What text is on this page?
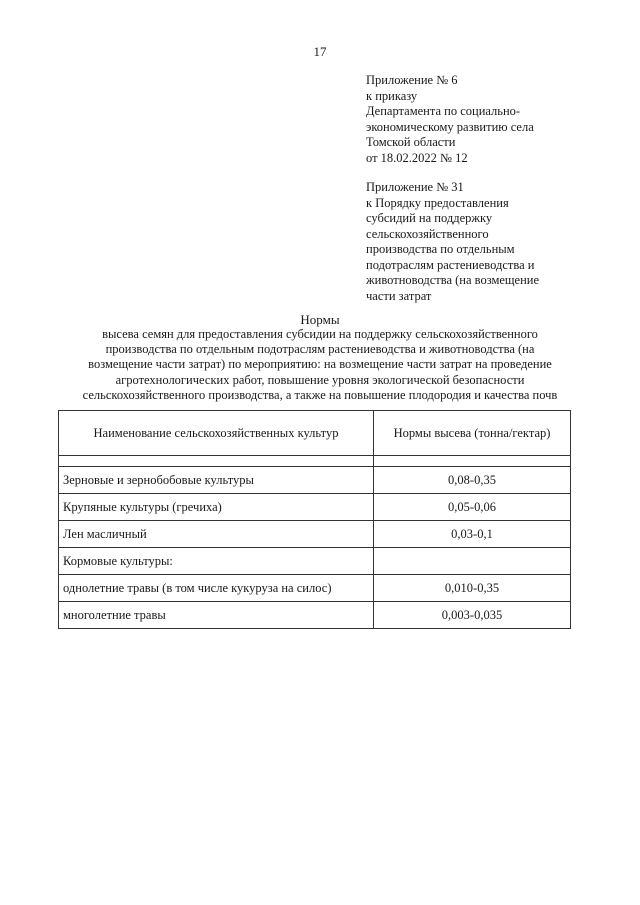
17
Приложение № 6
к приказу
Департамента по социально-
экономическому развитию села
Томской области
от 18.02.2022 № 12
Приложение № 31
к Порядку предоставления
субсидий на поддержку
сельскохозяйственного
производства по отдельным
подотраслям растениеводства и
животноводства (на возмещение
части затрат
Нормы
высева семян для предоставления субсидии на поддержку сельскохозяйственного
производства по отдельным подотраслям растениеводства и животноводства (на
возмещение части затрат) по мероприятию: на возмещение части затрат на проведение
агротехнологических работ, повышение уровня экологической безопасности
сельскохозяйственного производства, а также на повышение плодородия и качества почв
Наименование сельскохозяйственных культур	Нормы высева (тонна/гектар)

Зерновые и зернобобовые культуры	0,08-0,35
Крупяные культуры (гречиха)	0,05-0,06
Лен масличный	0,03-0,1
Кормовые культуры:	
однолетние травы (в том числе кукуруза на силос)	0,010-0,35
многолетние травы	0,003-0,035
